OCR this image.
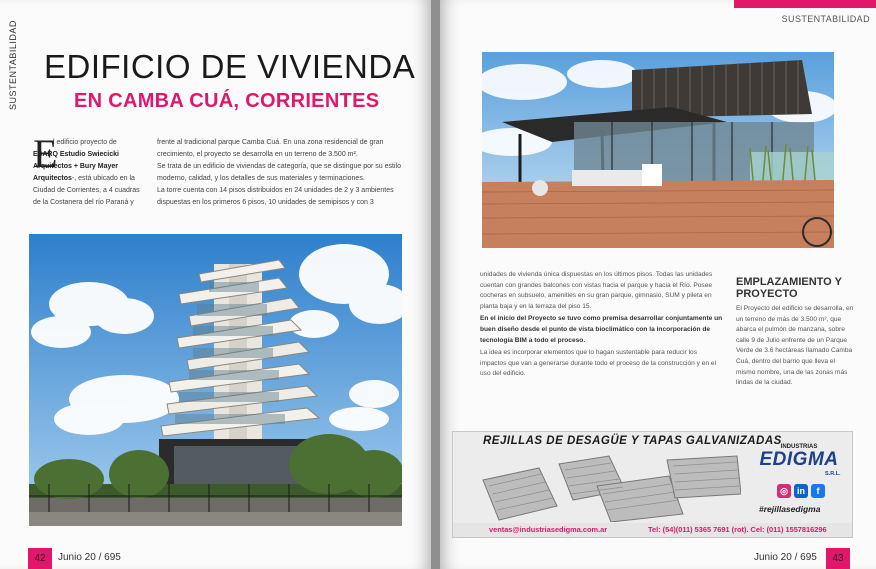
SUSTENTABILIDAD EDIFICIO DE VIVIENDA
EN CAMBA CUÁ, CORRIENTES
E
l edificio proyecto de
ESARQ Estudio Swiecicki Arquitectos + Bury Mayer Arquitectos-, está ubicado en la Ciudad de Corrientes, a 4 cuadras de la Costanera del río Paraná y

frente al tradicional parque Camba Cuá. En una zona residencial de gran crecimiento, el proyecto se desarrolla en un terreno de 3.500 m².

Se trata de un edificio de viviendas de categoría, que se distingue por su estilo moderno, calidad, y los detalles de sus materiales y terminaciones.

La torre cuenta con 14 pisos distribuidos en 24 unidades de 2 y 3 ambientes dispuestas en los primeros 6 pisos, 10 unidades de semipisos y con 3

42	Junio 20 / 695
SUSTENTABILIDAD

unidades de vivienda única dispuestas en los últimos pisos. Todas las unidades cuentan con grandes balcones con vistas hacia el parque y hacia el Río. Posee cocheras en subsuelo, amenities en su gran parque, gimnasio, SUM y pileta en planta baja y en la terraza del piso 15.

En el inicio del Proyecto se tuvo como premisa desarrollar conjuntamente un buen diseño desde el punto de vista bioclimático con la incorporación de tecnología BIM a todo el proceso.

La idea es incorporar elementos que lo hagan sustentable para reducir los impactos que van a generarse durante todo el proceso de la construcción y en el uso del edificio.

EMPLAZAMIENTO Y PROYECTO
El Proyecto del edificio se desarrolla, en un terreno de más de 3.500 m², que abarca el pulmón de manzana, sobre calle 9 de Julio enfrente de un Parque Verde de 3.6 hectáreas llamado Camba Cuá, dentro del barrio que lleva el mismo nombre, una de las zonas más lindas de la ciudad.
REJILLAS DE DESAGÜE Y TAPAS GALVANIZADAS
INDUSTRIAS
EDIGMA
S.R.L.
◎	in	f
#rejillasedigma
ventas@industriasedigma.com.ar	Tel: (54)(011) 5365 7691 (rot). Cel: (011) 1557816296
Junio 20 / 695	43
